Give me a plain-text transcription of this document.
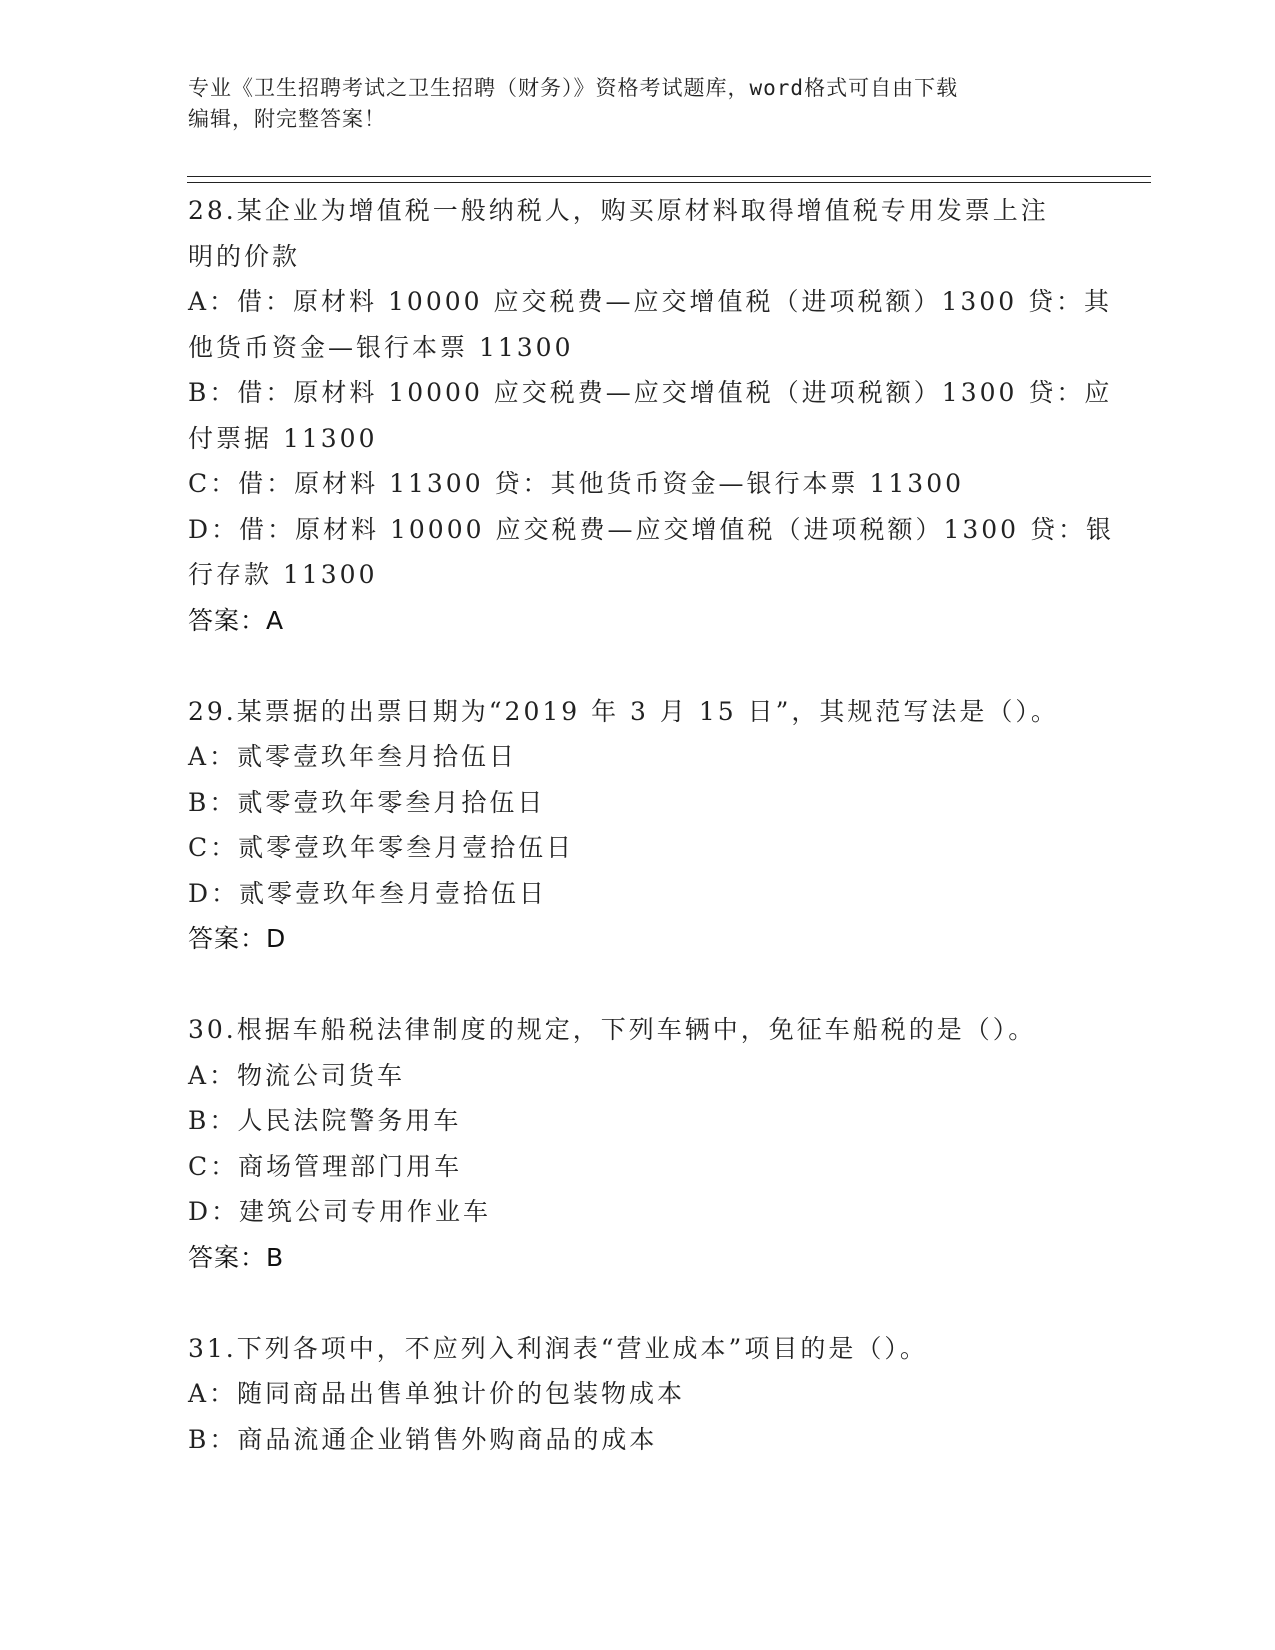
专业《卫生招聘考试之卫生招聘（财务）》资格考试题库，word格式可自由下载
编辑，附完整答案！
28.某企业为增值税一般纳税人，购买原材料取得增值税专用发票上注
明的价款
A：借：原材料 10000 应交税费—应交增值税（进项税额）1300 贷：其
他货币资金—银行本票 11300
B：借：原材料 10000 应交税费—应交增值税（进项税额）1300 贷：应
付票据 11300
C：借：原材料 11300 贷：其他货币资金—银行本票 11300
D：借：原材料 10000 应交税费—应交增值税（进项税额）1300 贷：银
行存款 11300
答案：A
29.某票据的出票日期为“2019 年 3 月 15 日”，其规范写法是（）。
A：贰零壹玖年叁月拾伍日
B：贰零壹玖年零叁月拾伍日
C：贰零壹玖年零叁月壹拾伍日
D：贰零壹玖年叁月壹拾伍日
答案：D
30.根据车船税法律制度的规定，下列车辆中，免征车船税的是（）。
A：物流公司货车
B：人民法院警务用车
C：商场管理部门用车
D：建筑公司专用作业车
答案：B
31.下列各项中，不应列入利润表“营业成本”项目的是（）。
A：随同商品出售单独计价的包装物成本
B：商品流通企业销售外购商品的成本
